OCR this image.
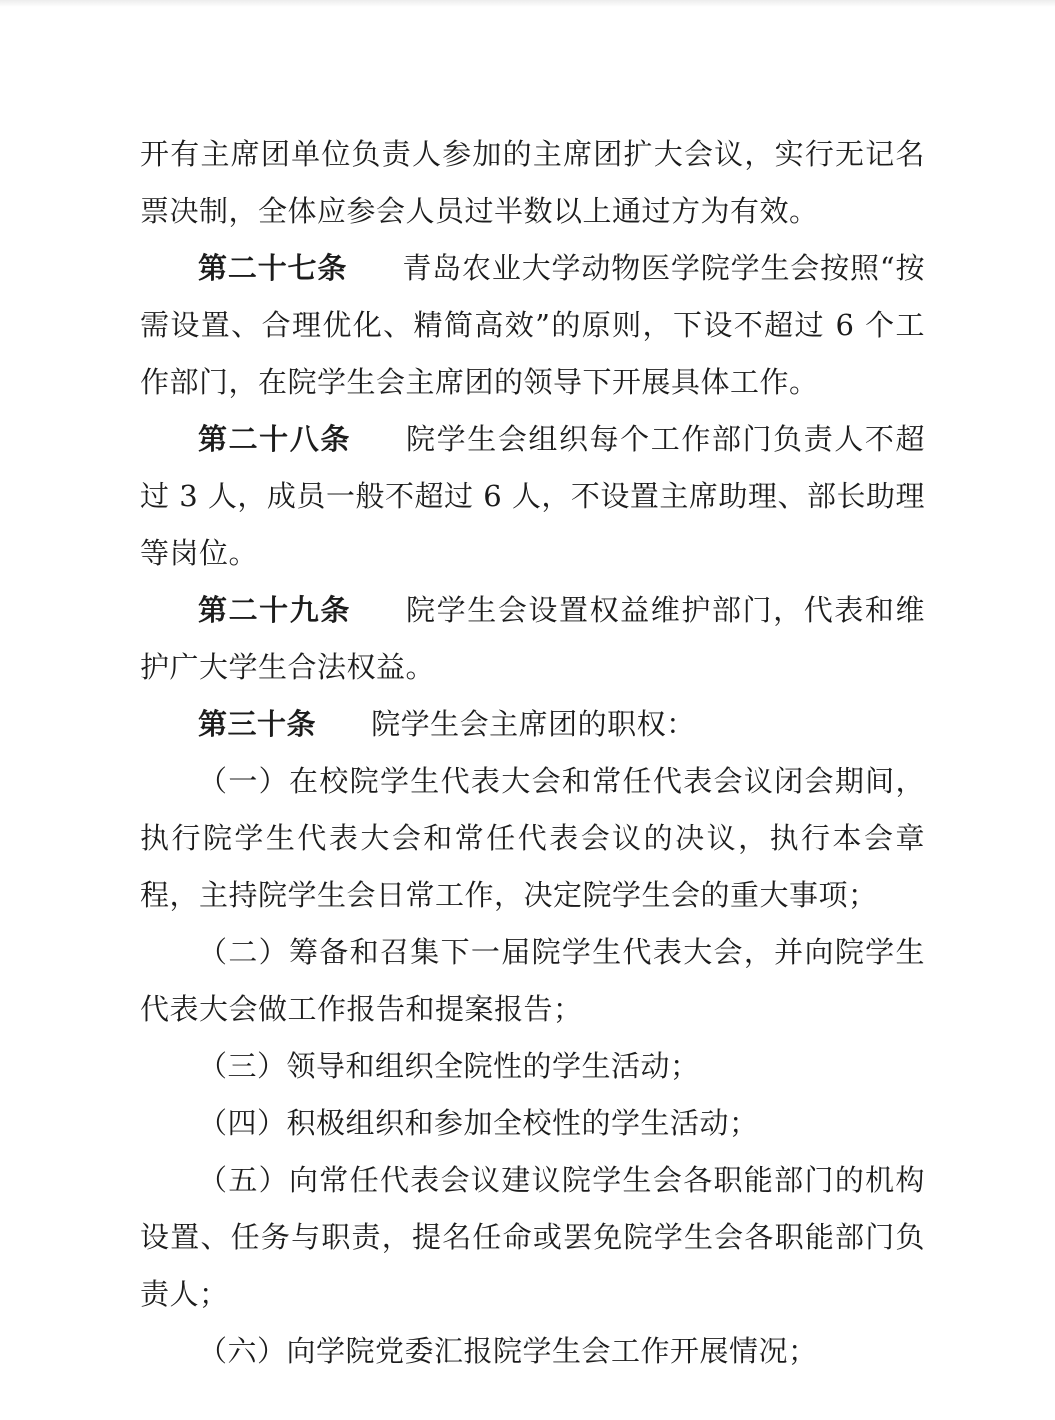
开有主席团单位负责人参加的主席团扩大会议，实行无记名票决制，全体应参会人员过半数以上通过方为有效。

第二十七条 青岛农业大学动物医学院学生会按照“按需设置、合理优化、精简高效”的原则，下设不超过 6 个工作部门，在院学生会主席团的领导下开展具体工作。

第二十八条 院学生会组织每个工作部门负责人不超过 3 人，成员一般不超过 6 人，不设置主席助理、部长助理等岗位。

第二十九条 院学生会设置权益维护部门，代表和维护广大学生合法权益。

第三十条 院学生会主席团的职权：

（一）在校院学生代表大会和常任代表会议闭会期间，执行院学生代表大会和常任代表会议的决议，执行本会章程，主持院学生会日常工作，决定院学生会的重大事项；

（二）筹备和召集下一届院学生代表大会，并向院学生代表大会做工作报告和提案报告；

（三）领导和组织全院性的学生活动；

（四）积极组织和参加全校性的学生活动；

（五）向常任代表会议建议院学生会各职能部门的机构设置、任务与职责，提名任命或罢免院学生会各职能部门负责人；

（六）向学院党委汇报院学生会工作开展情况；
